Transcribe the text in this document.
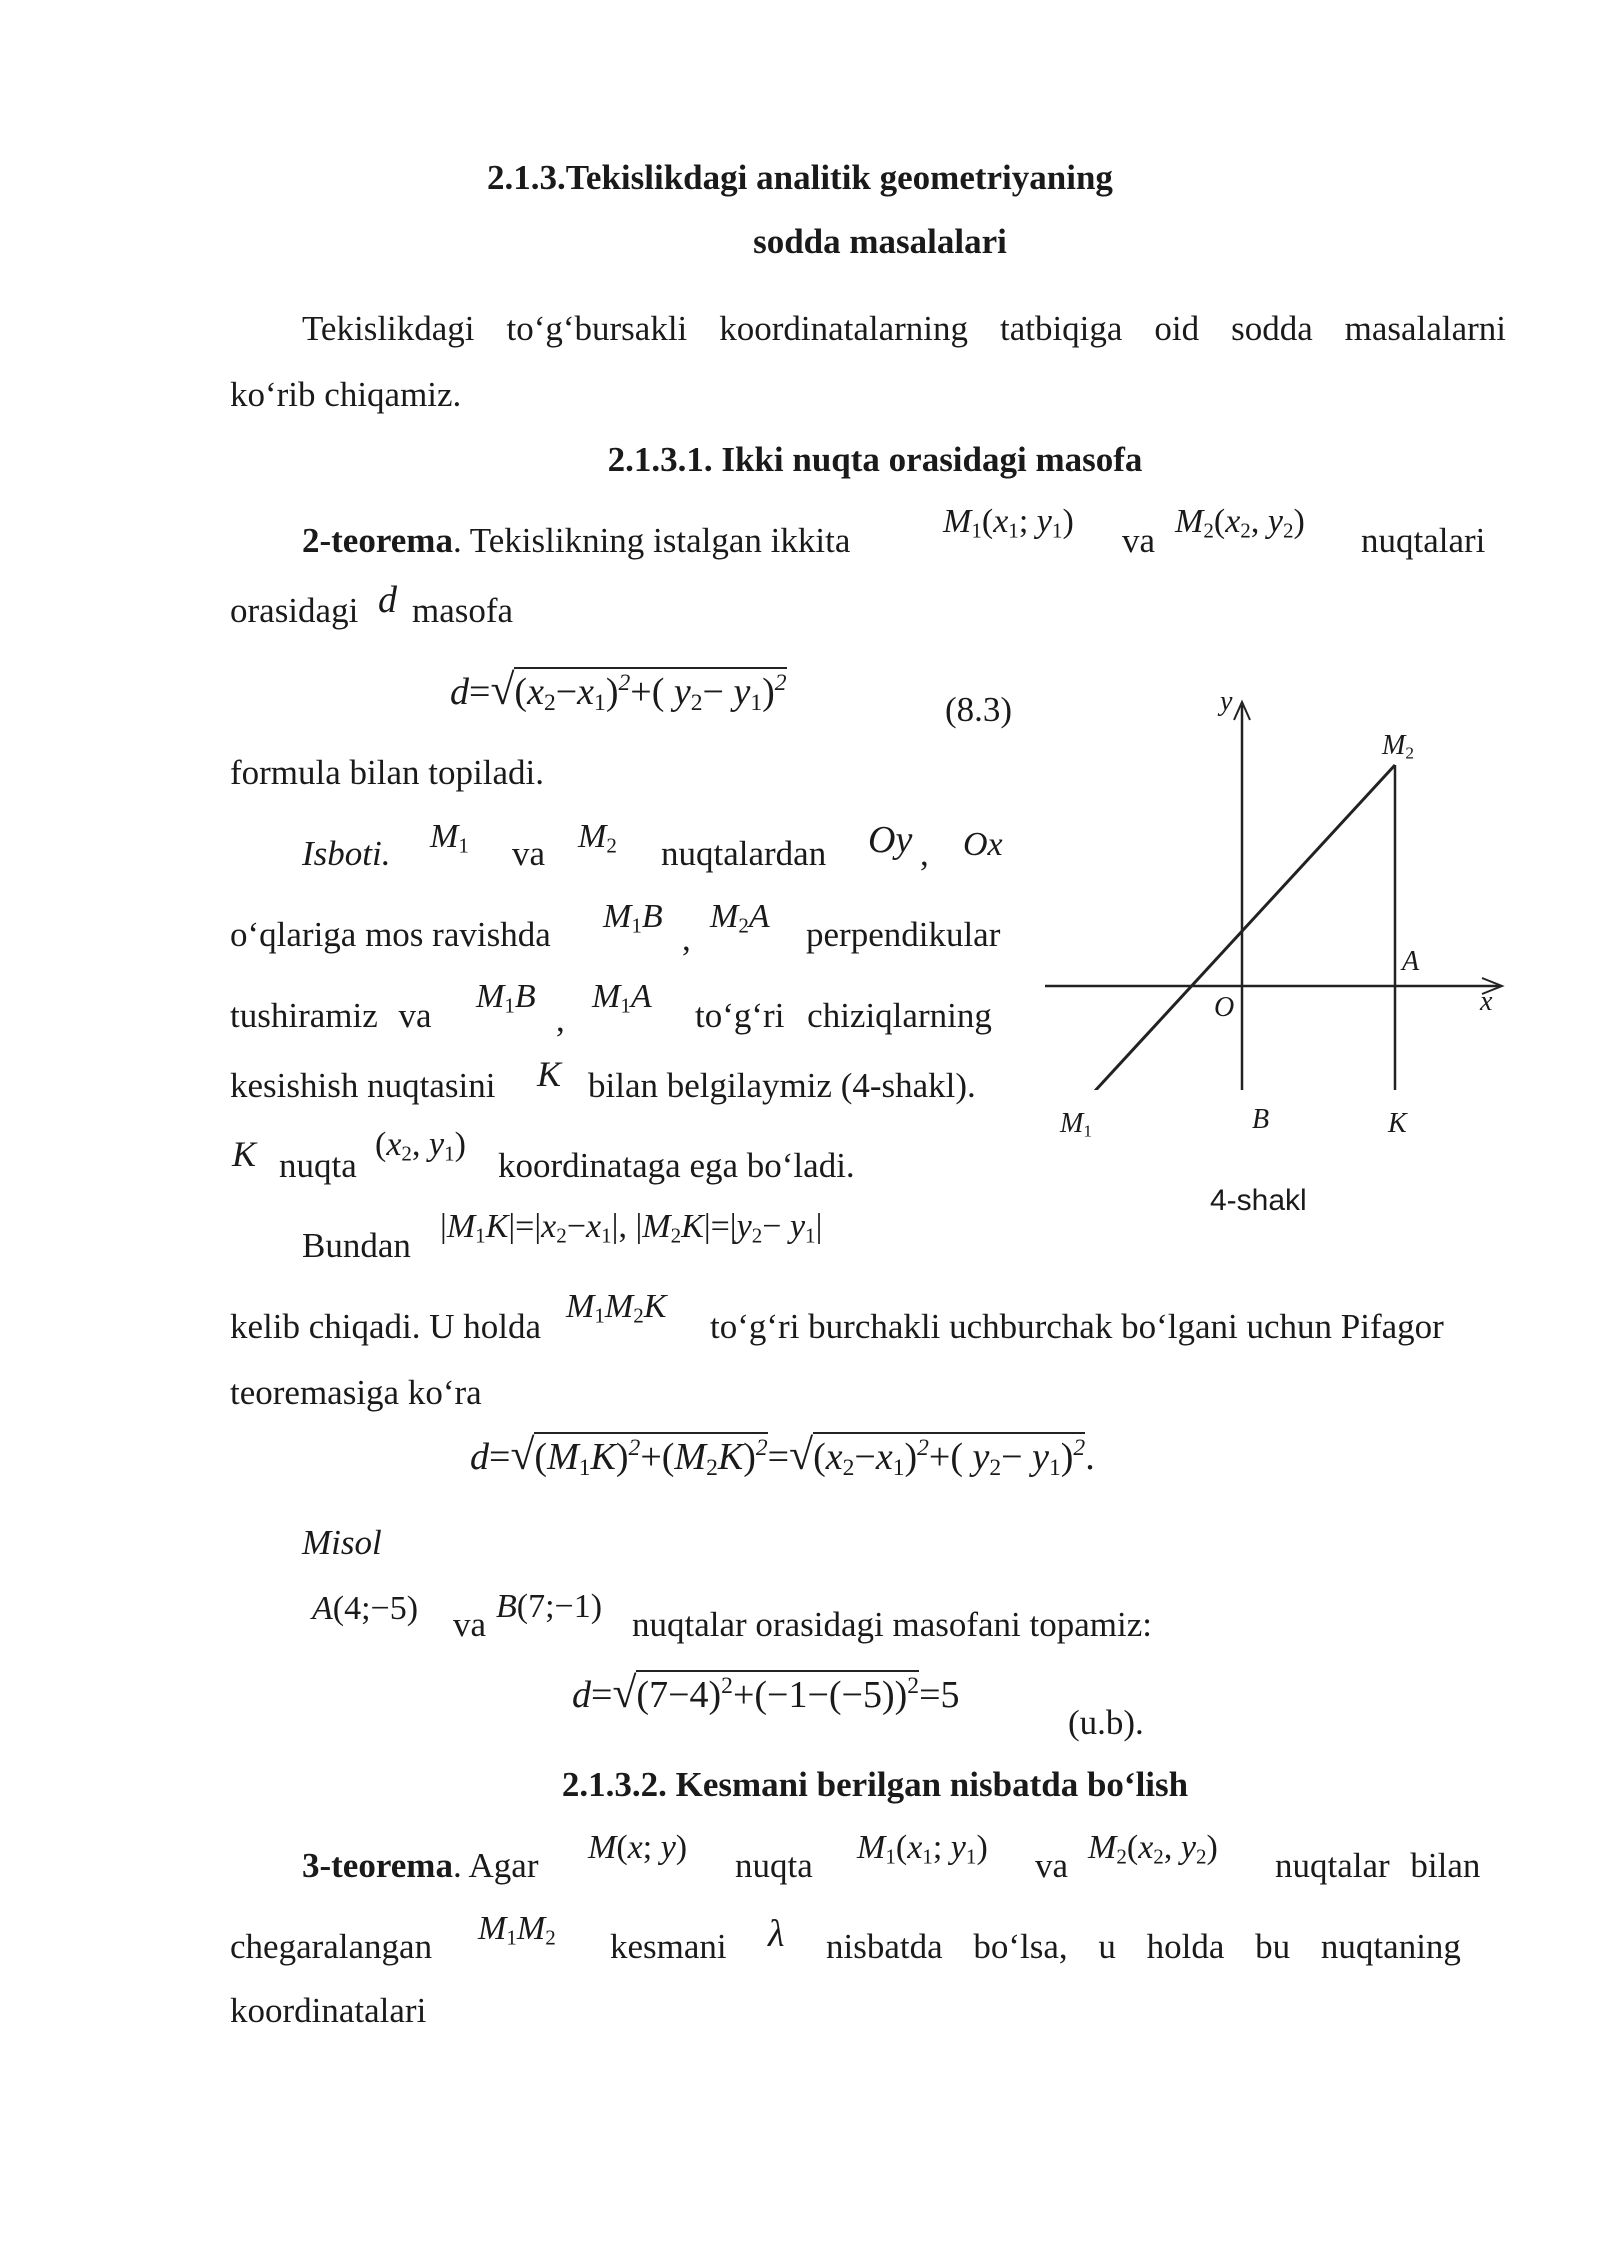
2.1.3.Tekislikdagi analitik geometriyaning
sodda masalalari
Tekislikdagi to‘g‘bursakli koordinatalarning tatbiqiga oid sodda masalalarni
ko‘rib chiqamiz.
2.1.3.1. Ikki nuqta orasidagi masofa
2-teorema. Tekislikning istalgan ikkita	$M_1(x_1$; $y_1$) va $M_2(x_2$, $y_2$) nuqtalari
orasidagi d masofa
$d=√(x_2-x_1)^2+$( $y_2- y_1)^2$
(8.3)
formula bilan topiladi.
Isboti. $M_1$ va $M_2$ nuqtalardan Oy , Ox
o‘qlariga mos ravishda $M_1B$
,
$M_2A$ perpendikular
tushiramiz va $M_1B$
,
$M_1A$ to‘g‘ri chiziqlarning
kesishish nuqtasini K bilan belgilaymiz (4-shakl).
K nuqta
($x_2$, $y_1$)
koordinataga ega bo‘ladi.
Bundan $|M_1K|=|x_2-x_1|$, $|M_2K|=|y_2- y_1|$
kelib chiqadi. U holda
$M_1M_2K$
to‘g‘ri burchakli uchburchak bo‘lgani uchun Pifagor
teoremasiga ko‘ra
$d=√(M_1K)^2+(M_2K)^2=√(x_2-x_1)^2+$( $y_2- y_1)^2$.
Misol
A(4;−5) va B(7;−1) nuqtalar orasidagi masofani topamiz:
$d=√(7-4)^2+(-1-(-5))^2=5$
(u.b).
2.1.3.2. Kesmani berilgan nisbatda bo‘lish
3-teorema. Agar M(x; y) nuqta $M_1(x_1$; $y_1$) va $M_2(x_2$, $y_2$) nuqtalar bilan
chegaralangan $M_1M_2$ kesmani λ nisbatda bo‘lsa, u holda bu nuqtaning
koordinatalari
y
$M_2$
A
x
O
$M_1$	B	K
4-shakl
